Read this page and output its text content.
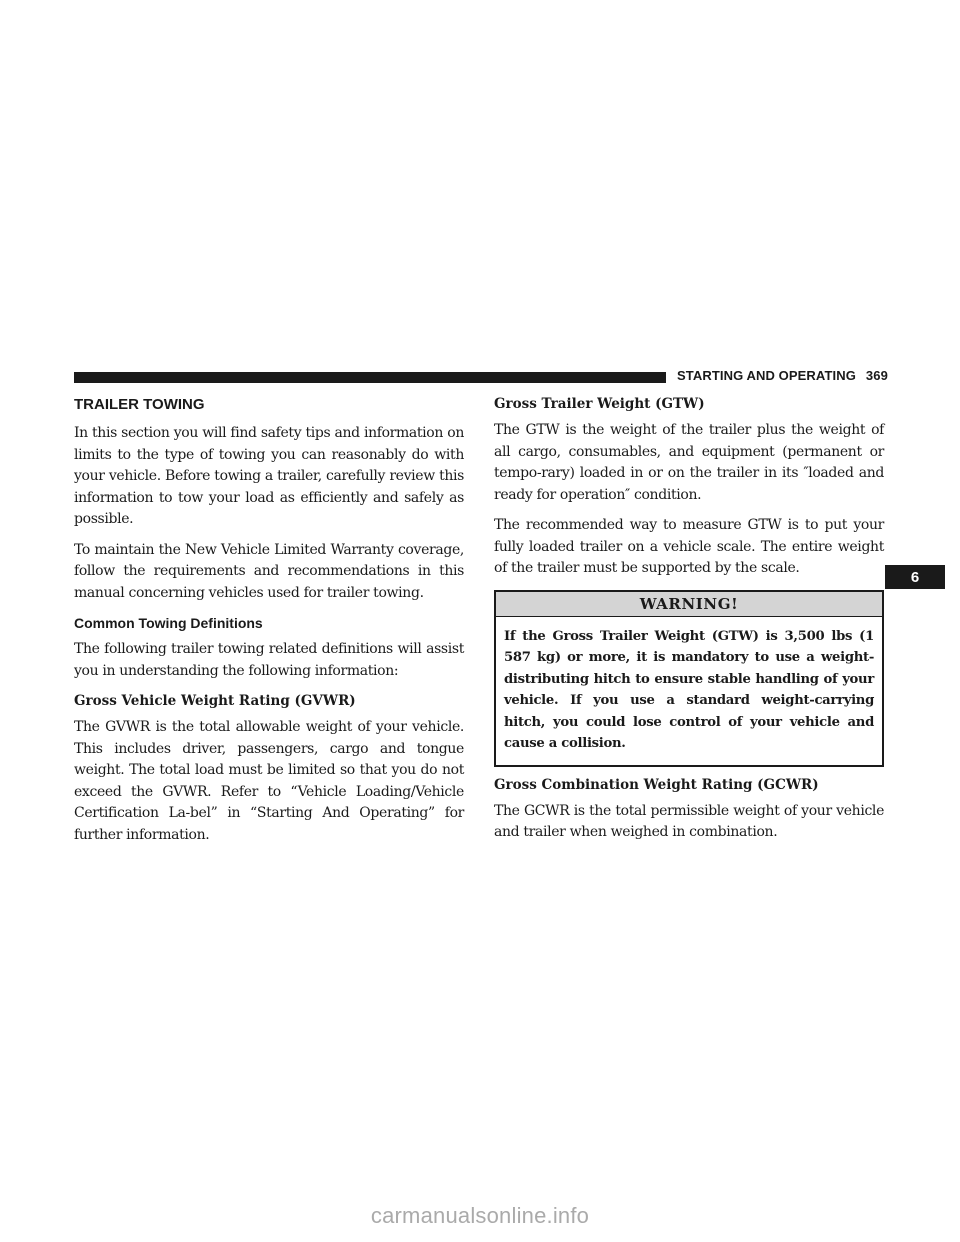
STARTING AND OPERATING 369
TRAILER TOWING

In this section you will find safety tips and information on limits to the type of towing you can reasonably do with your vehicle. Before towing a trailer, carefully review this information to tow your load as efficiently and safely as possible.

To maintain the New Vehicle Limited Warranty coverage, follow the requirements and recommendations in this manual concerning vehicles used for trailer towing.

Common Towing Definitions

The following trailer towing related definitions will assist you in understanding the following information:

Gross Vehicle Weight Rating (GVWR)

The GVWR is the total allowable weight of your vehicle. This includes driver, passengers, cargo and tongue weight. The total load must be limited so that you do not exceed the GVWR. Refer to “Vehicle Loading/Vehicle Certification La-bel” in “Starting And Operating” for further information.

Gross Trailer Weight (GTW)

The GTW is the weight of the trailer plus the weight of all cargo, consumables, and equipment (permanent or tempo-rary) loaded in or on the trailer in its ″loaded and ready for operation″ condition.

The recommended way to measure GTW is to put your fully loaded trailer on a vehicle scale. The entire weight of the trailer must be supported by the scale.

WARNING!
If the Gross Trailer Weight (GTW) is 3,500 lbs (1 587 kg) or more, it is mandatory to use a weight-distributing hitch to ensure stable handling of your vehicle. If you use a standard weight-carrying hitch, you could lose control of your vehicle and cause a collision.
Gross Combination Weight Rating (GCWR)

The GCWR is the total permissible weight of your vehicle and trailer when weighed in combination.

6
carmanualsonline.info
